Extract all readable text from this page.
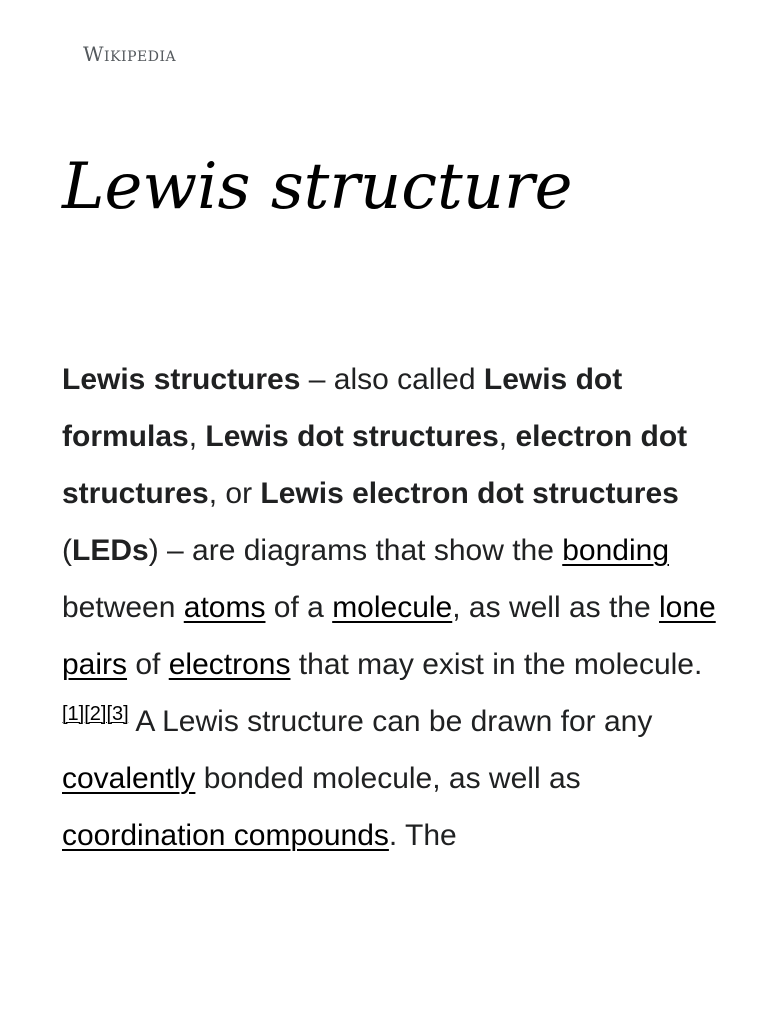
Wikipedia
Lewis structure

Lewis structures – also called Lewis dot formulas, Lewis dot structures, electron dot structures, or Lewis electron dot structures (LEDs) – are diagrams that show the bonding between atoms of a molecule, as well as the lone pairs of electrons that may exist in the molecule.[1][2][3] A Lewis structure can be drawn for any covalently bonded molecule, as well as coordination compounds. The
